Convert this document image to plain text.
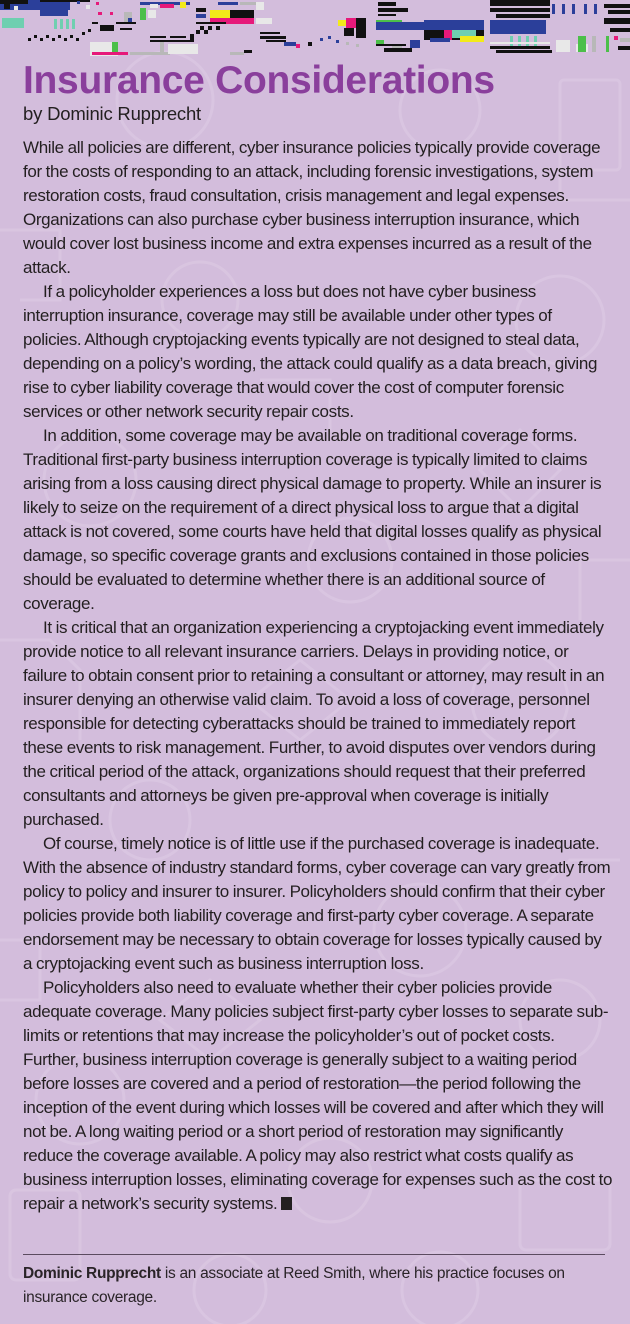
Insurance Considerations
by Dominic Rupprecht

While all policies are different, cyber insurance policies typically provide coverage for the costs of responding to an attack, including forensic investigations, system restoration costs, fraud consultation, crisis management and legal expenses. Organizations can also purchase cyber business interruption insurance, which would cover lost business income and extra expenses incurred as a result of the attack.

If a policyholder experiences a loss but does not have cyber business interruption insurance, coverage may still be available under other types of policies. Although cryptojacking events typically are not designed to steal data, depending on a policy’s wording, the attack could qualify as a data breach, giving rise to cyber liability coverage that would cover the cost of computer forensic services or other network security repair costs.

In addition, some coverage may be available on traditional coverage forms. Traditional first-party business interruption coverage is typically limited to claims arising from a loss causing direct physical damage to property. While an insurer is likely to seize on the requirement of a direct physical loss to argue that a digital attack is not covered, some courts have held that digital losses qualify as physical damage, so specific coverage grants and exclusions contained in those policies should be evaluated to determine whether there is an additional source of coverage.

It is critical that an organization experiencing a cryptojacking event immediately provide notice to all relevant insurance carriers. Delays in providing notice, or failure to obtain consent prior to retaining a consultant or attorney, may result in an insurer denying an otherwise valid claim. To avoid a loss of coverage, personnel responsible for detecting cyberattacks should be trained to immediately report these events to risk management. Further, to avoid disputes over vendors during the critical period of the attack, organizations should request that their preferred consultants and attorneys be given pre-approval when coverage is initially purchased.

Of course, timely notice is of little use if the purchased coverage is inadequate. With the absence of industry standard forms, cyber coverage can vary greatly from policy to policy and insurer to insurer. Policyholders should confirm that their cyber policies provide both liability coverage and first-party cyber coverage. A separate endorsement may be necessary to obtain coverage for losses typically caused by a cryptojacking event such as business interruption loss.

Policyholders also need to evaluate whether their cyber policies provide adequate coverage. Many policies subject first-party cyber losses to separate sub-limits or retentions that may increase the policyholder’s out of pocket costs. Further, business interruption coverage is generally subject to a waiting period before losses are covered and a period of restoration—the period following the inception of the event during which losses will be covered and after which they will not be. A long waiting period or a short period of restoration may significantly reduce the coverage available. A policy may also restrict what costs qualify as business interruption losses, eliminating coverage for expenses such as the cost to repair a network’s security systems.

Dominic Rupprecht is an associate at Reed Smith, where his practice focuses on insurance coverage.
